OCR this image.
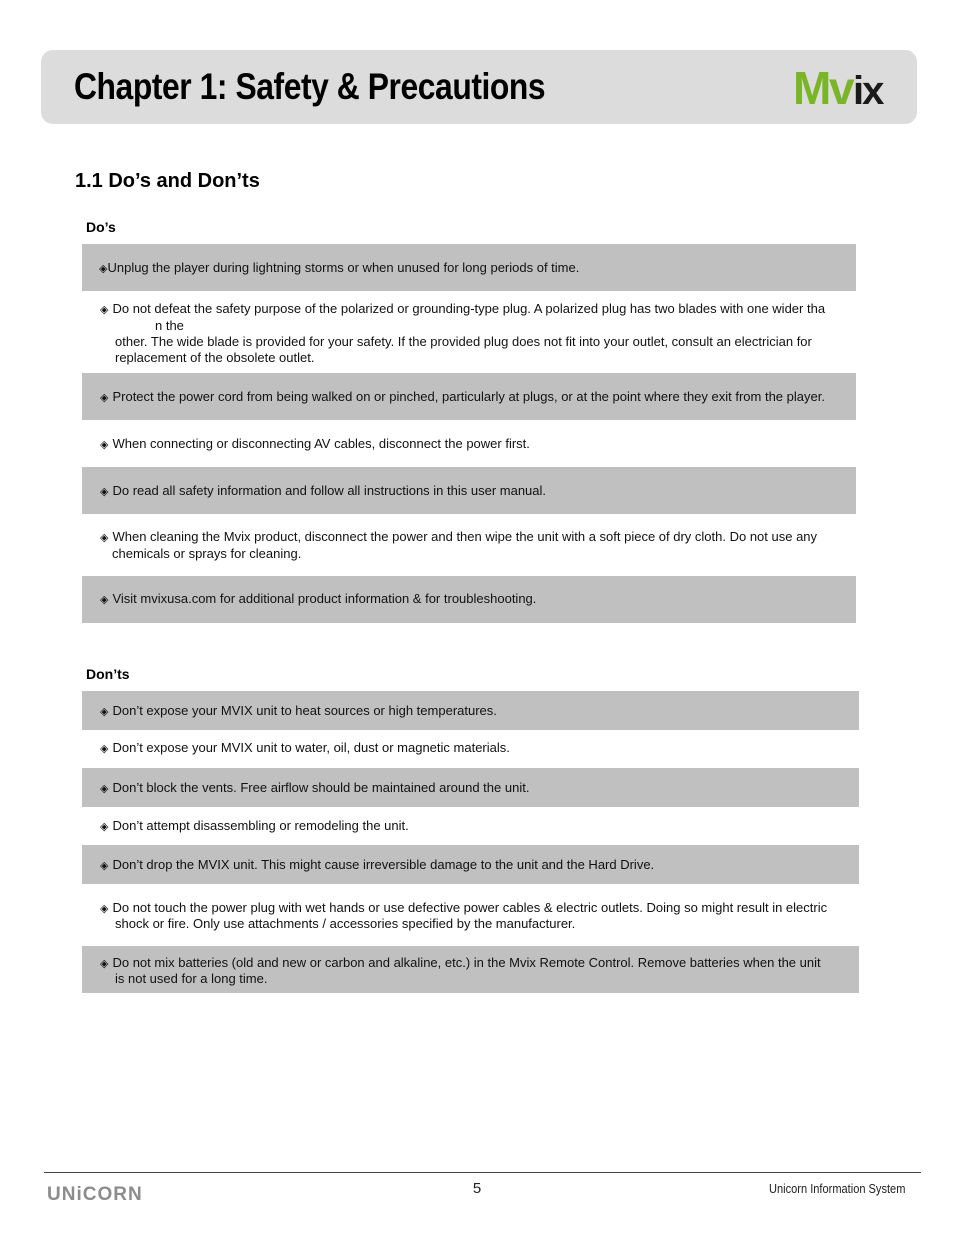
Chapter 1: Safety & Precautions	M v ix
1.1 Do’s and Don’ts
Do’s
◈Unplug the player during lightning storms or when unused for long periods of time.
◈ Do not defeat the safety purpose of the polarized or grounding-type plug. A polarized plug has two blades with one wider tha
n the
other. The wide blade is provided for your safety. If the provided plug does not fit into your outlet, consult an electrician for
replacement of the obsolete outlet.
◈ Protect the power cord from being walked on or pinched, particularly at plugs, or at the point where they exit from the player.
◈ When connecting or disconnecting AV cables, disconnect the power first.
◈ Do read all safety information and follow all instructions in this user manual.
◈ When cleaning the Mvix product, disconnect the power and then wipe the unit with a soft piece of dry cloth. Do not use any
chemicals or sprays for cleaning.
◈ Visit mvixusa.com for additional product information & for troubleshooting.
Don’ts
◈ Don’t expose your MVIX unit to heat sources or high temperatures.
◈ Don’t expose your MVIX unit to water, oil, dust or magnetic materials.
◈ Don’t block the vents. Free airflow should be maintained around the unit.
◈ Don’t attempt disassembling or remodeling the unit.
◈ Don’t drop the MVIX unit. This might cause irreversible damage to the unit and the Hard Drive.
◈ Do not touch the power plug with wet hands or use defective power cables & electric outlets. Doing so might result in electric
shock or fire. Only use attachments / accessories specified by the manufacturer.
◈ Do not mix batteries (old and new or carbon and alkaline, etc.) in the Mvix Remote Control. Remove batteries when the unit
is not used for a long time.
UNiCORN	5	Unicorn Information System
